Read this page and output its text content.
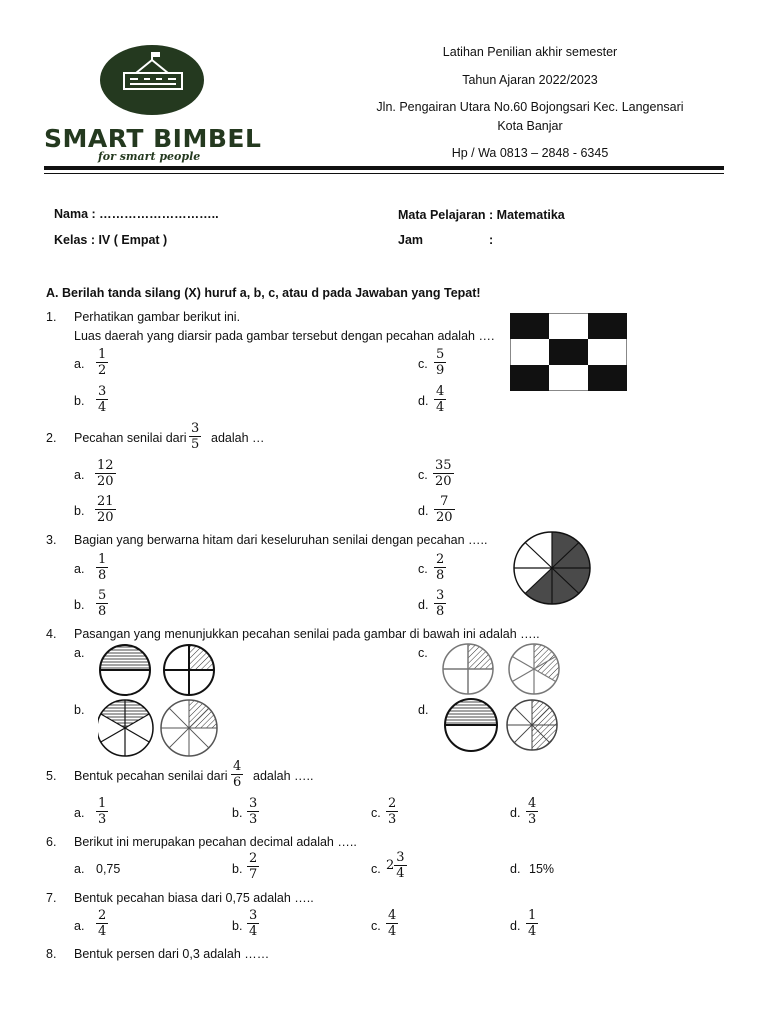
SMART BIMBEL
for smart people
Latihan Penilian akhir semester
Tahun Ajaran 2022/2023
Jln. Pengairan Utara No.60 Bojongsari Kec. Langensari
Kota Banjar
Hp / Wa 0813 – 2848 - 6345
Nama : ………………………..
Kelas : IV ( Empat )
Mata Pelajaran : Matematika
Jam	:
A. Berilah tanda silang (X) huruf a, b, c, atau d pada Jawaban yang Tepat!
1. Perhatikan gambar berikut ini.
Luas daerah yang diarsir pada gambar tersebut dengan pecahan adalah ….
a. $\frac{1}{2}$	c. $\frac{5}{9}$
b. $\frac{3}{4}$	d. $\frac{4}{4}$
2. Pecahan senilai dari $\frac{3}{5}$ adalah …
a. $\frac{12}{20}$	c. $\frac{35}{20}$
b. $\frac{21}{20}$	d. $\frac{7}{20}$
3. Bagian yang berwarna hitam dari keseluruhan senilai dengan pecahan …..
a. $\frac{1}{8}$	c. $\frac{2}{8}$
b. $\frac{5}{8}$	d. $\frac{3}{8}$
4. Pasangan yang menunjukkan pecahan senilai pada gambar di bawah ini adalah …..
a.	c.
b.	d.
5. Bentuk pecahan senilai dari $\frac{4}{6}$ adalah …..
a. $\frac{1}{3}$	b. $\frac{3}{3}$	c. $\frac{2}{3}$	d. $\frac{4}{3}$
6. Berikut ini merupakan pecahan decimal adalah …..
a. 0,75	b. $\frac{2}{7}$	c. $2 \frac{3}{4}$	d. 15%
7. Bentuk pecahan biasa dari 0,75 adalah …..
a. $\frac{2}{4}$	b. $\frac{3}{4}$	c. $\frac{4}{4}$	d. $\frac{1}{4}$
8. Bentuk persen dari 0,3 adalah ……
